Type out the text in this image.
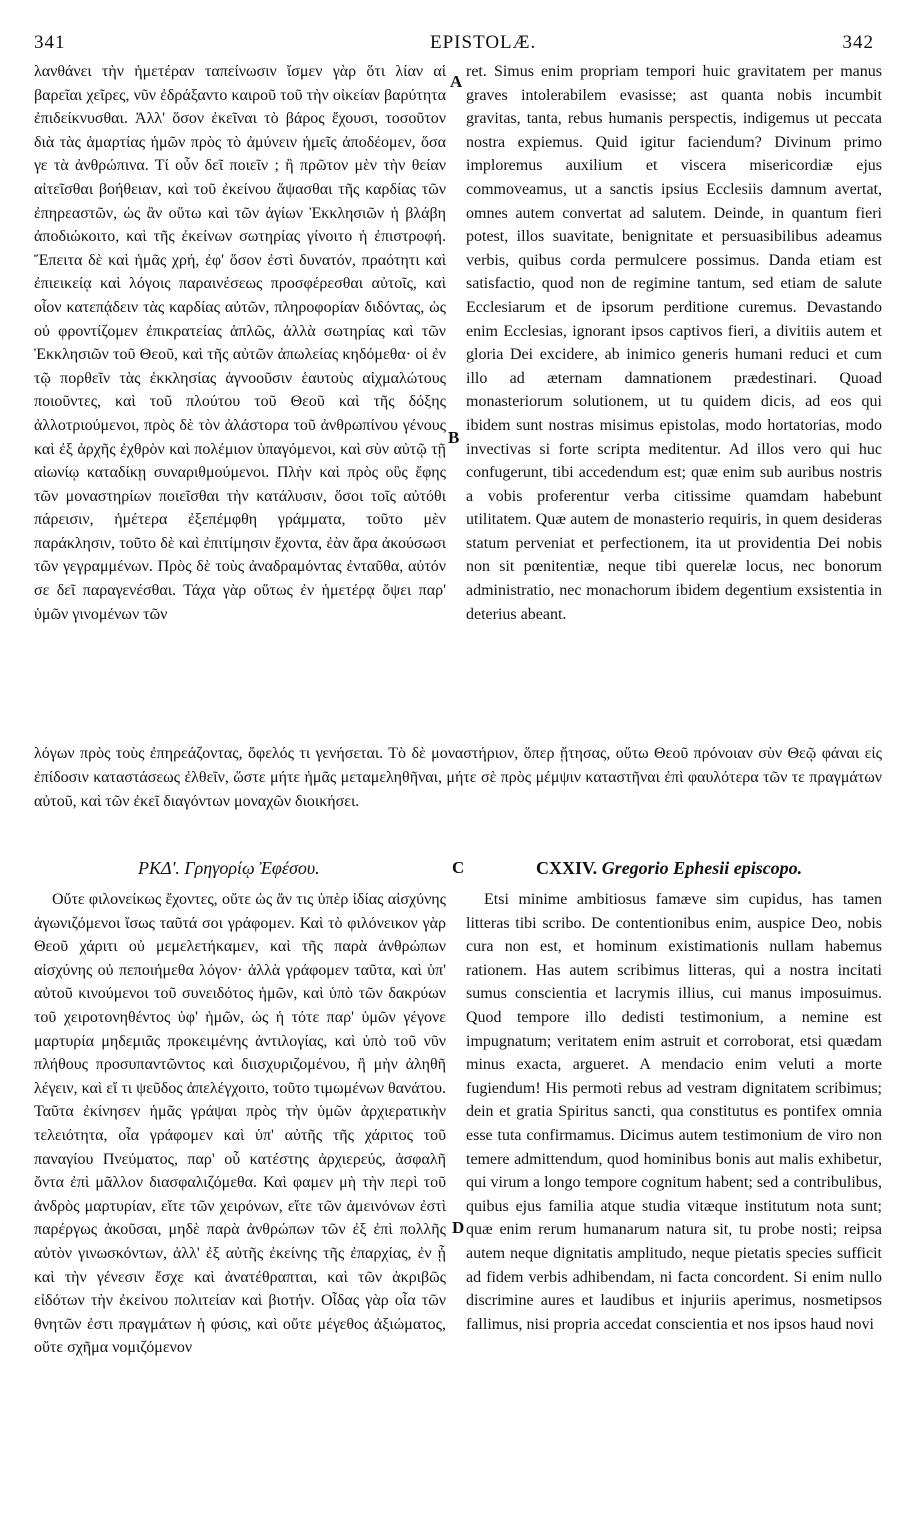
341	EPISTOLÆ.	342

λανθάνει τὴν ἡμετέραν ταπείνωσιν ἴσμεν γὰρ ὅτι λίαν αἱ βαρεῖαι χεῖρες, νῦν ἐδράξαντο καιροῦ τοῦ τὴν οἰκείαν βαρύτητα ἐπιδείκνυσθαι. Ἀλλ' ὅσον ἐκεῖναι τὸ βάρος ἔχουσι, τοσοῦτον διὰ τὰς ἁμαρτίας ἡμῶν πρὸς τὸ ἀμύνειν ἡμεῖς ἀποδέομεν, ὅσα γε τὰ ἀνθρώπινα. Τί οὖν δεῖ ποιεῖν ; ἢ πρῶτον μὲν τὴν θείαν αἰτεῖσθαι βοήθειαν, καὶ τοῦ ἐκείνου ἅψασθαι τῆς καρδίας τῶν ἐπηρεαστῶν, ὡς ἂν οὕτω καὶ τῶν ἁγίων Ἐκκλησιῶν ἡ βλάβη ἀποδιώκοιτο, καὶ τῆς ἐκείνων σωτηρίας γίνοιτο ἡ ἐπιστροφή. Ἔπειτα δὲ καὶ ἡμᾶς χρή, ἐφ' ὅσον ἐστὶ δυνατόν, πραότητι καὶ ἐπιεικείᾳ καὶ λόγοις παραινέσεως προσφέρεσθαι αὐτοῖς, καὶ οἷον κατεπᾴδειν τὰς καρδίας αὐτῶν, πληροφορίαν διδόντας, ὡς οὐ φροντίζομεν ἐπικρατείας ἁπλῶς, ἀλλὰ σωτηρίας καὶ τῶν Ἐκκλησιῶν τοῦ Θεοῦ, καὶ τῆς αὐτῶν ἀπωλείας κηδόμεθα· οἱ ἐν τῷ πορθεῖν τὰς ἐκκλησίας ἀγνοοῦσιν ἑαυτοὺς αἰχμαλώτους ποιοῦντες, καὶ τοῦ πλούτου τοῦ Θεοῦ καὶ τῆς δόξης ἀλλοτριούμενοι, πρὸς δὲ τὸν ἀλάστορα τοῦ ἀνθρωπίνου γένους καὶ ἐξ ἀρχῆς ἐχθρὸν καὶ πολέμιον ὑπαγόμενοι, καὶ σὺν αὐτῷ τῇ αἰωνίῳ καταδίκῃ συναριθμούμενοι. Πλὴν καὶ πρὸς οὓς ἔφης τῶν μοναστηρίων ποιεῖσθαι τὴν κατάλυσιν, ὅσοι τοῖς αὐτόθι πάρεισιν, ἡμέτερα ἐξεπέμφθη γράμματα, τοῦτο μὲν παράκλησιν, τοῦτο δὲ καὶ ἐπιτίμησιν ἔχοντα, ἐὰν ἄρα ἀκούσωσι τῶν γεγραμμένων. Πρὸς δὲ τοὺς ἀναδραμόντας ἐνταῦθα, αὐτόν σε δεῖ παραγενέσθαι. Τάχα γὰρ οὕτως ἐν ἡμετέρᾳ ὄψει παρ' ὑμῶν γινομένων τῶν

A

ret. Simus enim propriam tempori huic gravitatem per manus graves intolerabilem evasisse; ast quanta nobis incumbit gravitas, tanta, rebus humanis perspectis, indigemus ut peccata nostra expiemus. Quid igitur faciendum? Divinum primo imploremus auxilium et viscera misericordiæ ejus commoveamus, ut a sanctis ipsius Ecclesiis damnum avertat, omnes autem convertat ad salutem. Deinde, in quantum fieri potest, illos suavitate, benignitate et persuasibilibus adeamus verbis, quibus corda permulcere possimus. Danda etiam est satisfactio, quod non de regimine tantum, sed etiam de salute Ecclesiarum et de ipsorum perditione curemus. Devastando enim Ecclesias, ignorant ipsos captivos fieri, a divitiis autem et gloria Dei excidere, ab inimico generis humani reduci et cum illo ad æternam damnationem prædestinari. Quoad monasteriorum solutionem, ut tu quidem dicis, ad eos qui ibidem sunt nostras misimus epistolas, modo hortatorias, modo invectivas si forte scripta meditentur. Ad illos vero qui huc confugerunt, tibi accedendum est; quæ enim sub auribus nostris a vobis proferentur verba citissime quamdam habebunt utilitatem. Quæ autem de monasterio requiris, in quem desideras statum perveniat et perfectionem, ita ut providentia Dei nobis non sit pœnitentiæ, neque tibi querelæ locus, nec bonorum administratio, nec monachorum ibidem degentium exsistentia in deterius abeant.

B

λόγων πρὸς τοὺς ἐπηρεάζοντας, ὄφελός τι γενήσεται. Τὸ δὲ μοναστήριον, ὅπερ ᾔτησας, οὕτω Θεοῦ πρόνοιαν σὺν Θεῷ φάναι εἰς ἐπίδοσιν καταστάσεως ἐλθεῖν, ὥστε μήτε ἡμᾶς μεταμεληθῆναι, μήτε σὲ πρὸς μέμψιν καταστῆναι ἐπὶ φαυλότερα τῶν τε πραγμάτων αὐτοῦ, καὶ τῶν ἐκεῖ διαγόντων μοναχῶν διοικήσει.

ΡΚΔ'. Γρηγορίῳ Ἐφέσου.	C	CXXIV. Gregorio Ephesii episcopo.

Οὔτε φιλονείκως ἔχοντες, οὔτε ὡς ἄν τις ὑπὲρ ἰδίας αἰσχύνης ἀγωνιζόμενοι ἴσως ταῦτά σοι γράφομεν. Καὶ τὸ φιλόνεικον γὰρ Θεοῦ χάριτι οὐ μεμελετήκαμεν, καὶ τῆς παρὰ ἀνθρώπων αἰσχύνης οὐ πεποιήμεθα λόγον· ἀλλὰ γράφομεν ταῦτα, καὶ ὑπ' αὐτοῦ κινούμενοι τοῦ συνειδότος ἡμῶν, καὶ ὑπὸ τῶν δακρύων τοῦ χειροτονηθέντος ὑφ' ἡμῶν, ὡς ἡ τότε παρ' ὑμῶν γέγονε μαρτυρία μηδεμιᾶς προκειμένης ἀντιλογίας, καὶ ὑπὸ τοῦ νῦν πλήθους προσυπαντῶντος καὶ διισχυριζομένου, ἢ μὴν ἀληθῆ λέγειν, καὶ εἴ τι ψεῦδος ἀπελέγχοιτο, τοῦτο τιμωμένων θανάτου. Ταῦτα ἐκίνησεν ἡμᾶς γράψαι πρὸς τὴν ὑμῶν ἀρχιερατικὴν τελειότητα, οἷα γράφομεν καὶ ὑπ' αὐτῆς τῆς χάριτος τοῦ παναγίου Πνεύματος, παρ' οὗ κατέστης ἀρχιερεύς, ἀσφαλῆ ὄντα ἐπὶ μᾶλλον διασφαλιζόμεθα. Καὶ φαμεν μὴ τὴν περὶ τοῦ ἀνδρὸς μαρτυρίαν, εἴτε τῶν χειρόνων, εἴτε τῶν ἀμεινόνων ἐστὶ παρέργως ἀκοῦσαι, μηδὲ παρὰ ἀνθρώπων τῶν ἐξ ἐπὶ πολλῆς αὐτὸν γινωσκόντων, ἀλλ' ἐξ αὐτῆς ἐκείνης τῆς ἐπαρχίας, ἐν ᾗ καὶ τὴν γένεσιν ἔσχε καὶ ἀνατέθραπται, καὶ τῶν ἀκριβῶς εἰδότων τὴν ἐκείνου πολιτείαν καὶ βιοτήν. Οἶδας γὰρ οἷα τῶν θνητῶν ἐστι πραγμάτων ἡ φύσις, καὶ οὔτε μέγεθος ἀξιώματος, οὔτε σχῆμα νομιζόμενον

D

Etsi minime ambitiosus famæve sim cupidus, has tamen litteras tibi scribo. De contentionibus enim, auspice Deo, nobis cura non est, et hominum existimationis nullam habemus rationem. Has autem scribimus litteras, qui a nostra incitati sumus conscientia et lacrymis illius, cui manus imposuimus. Quod tempore illo dedisti testimonium, a nemine est impugnatum; veritatem enim astruit et corroborat, etsi quædam minus exacta, argueret. A mendacio enim veluti a morte fugiendum! His permoti rebus ad vestram dignitatem scribimus; dein et gratia Spiritus sancti, qua constitutus es pontifex omnia esse tuta confirmamus. Dicimus autem testimonium de viro non temere admittendum, quod hominibus bonis aut malis exhibetur, qui virum a longo tempore cognitum habent; sed a contribulibus, quibus ejus familia atque studia vitæque institutum nota sunt; quæ enim rerum humanarum natura sit, tu probe nosti; reipsa autem neque dignitatis amplitudo, neque pietatis species sufficit ad fidem verbis adhibendam, ni facta concordent. Si enim nullo discrimine aures et laudibus et injuriis aperimus, nosmetipsos fallimus, nisi propria accedat conscientia et nos ipsos haud novi
